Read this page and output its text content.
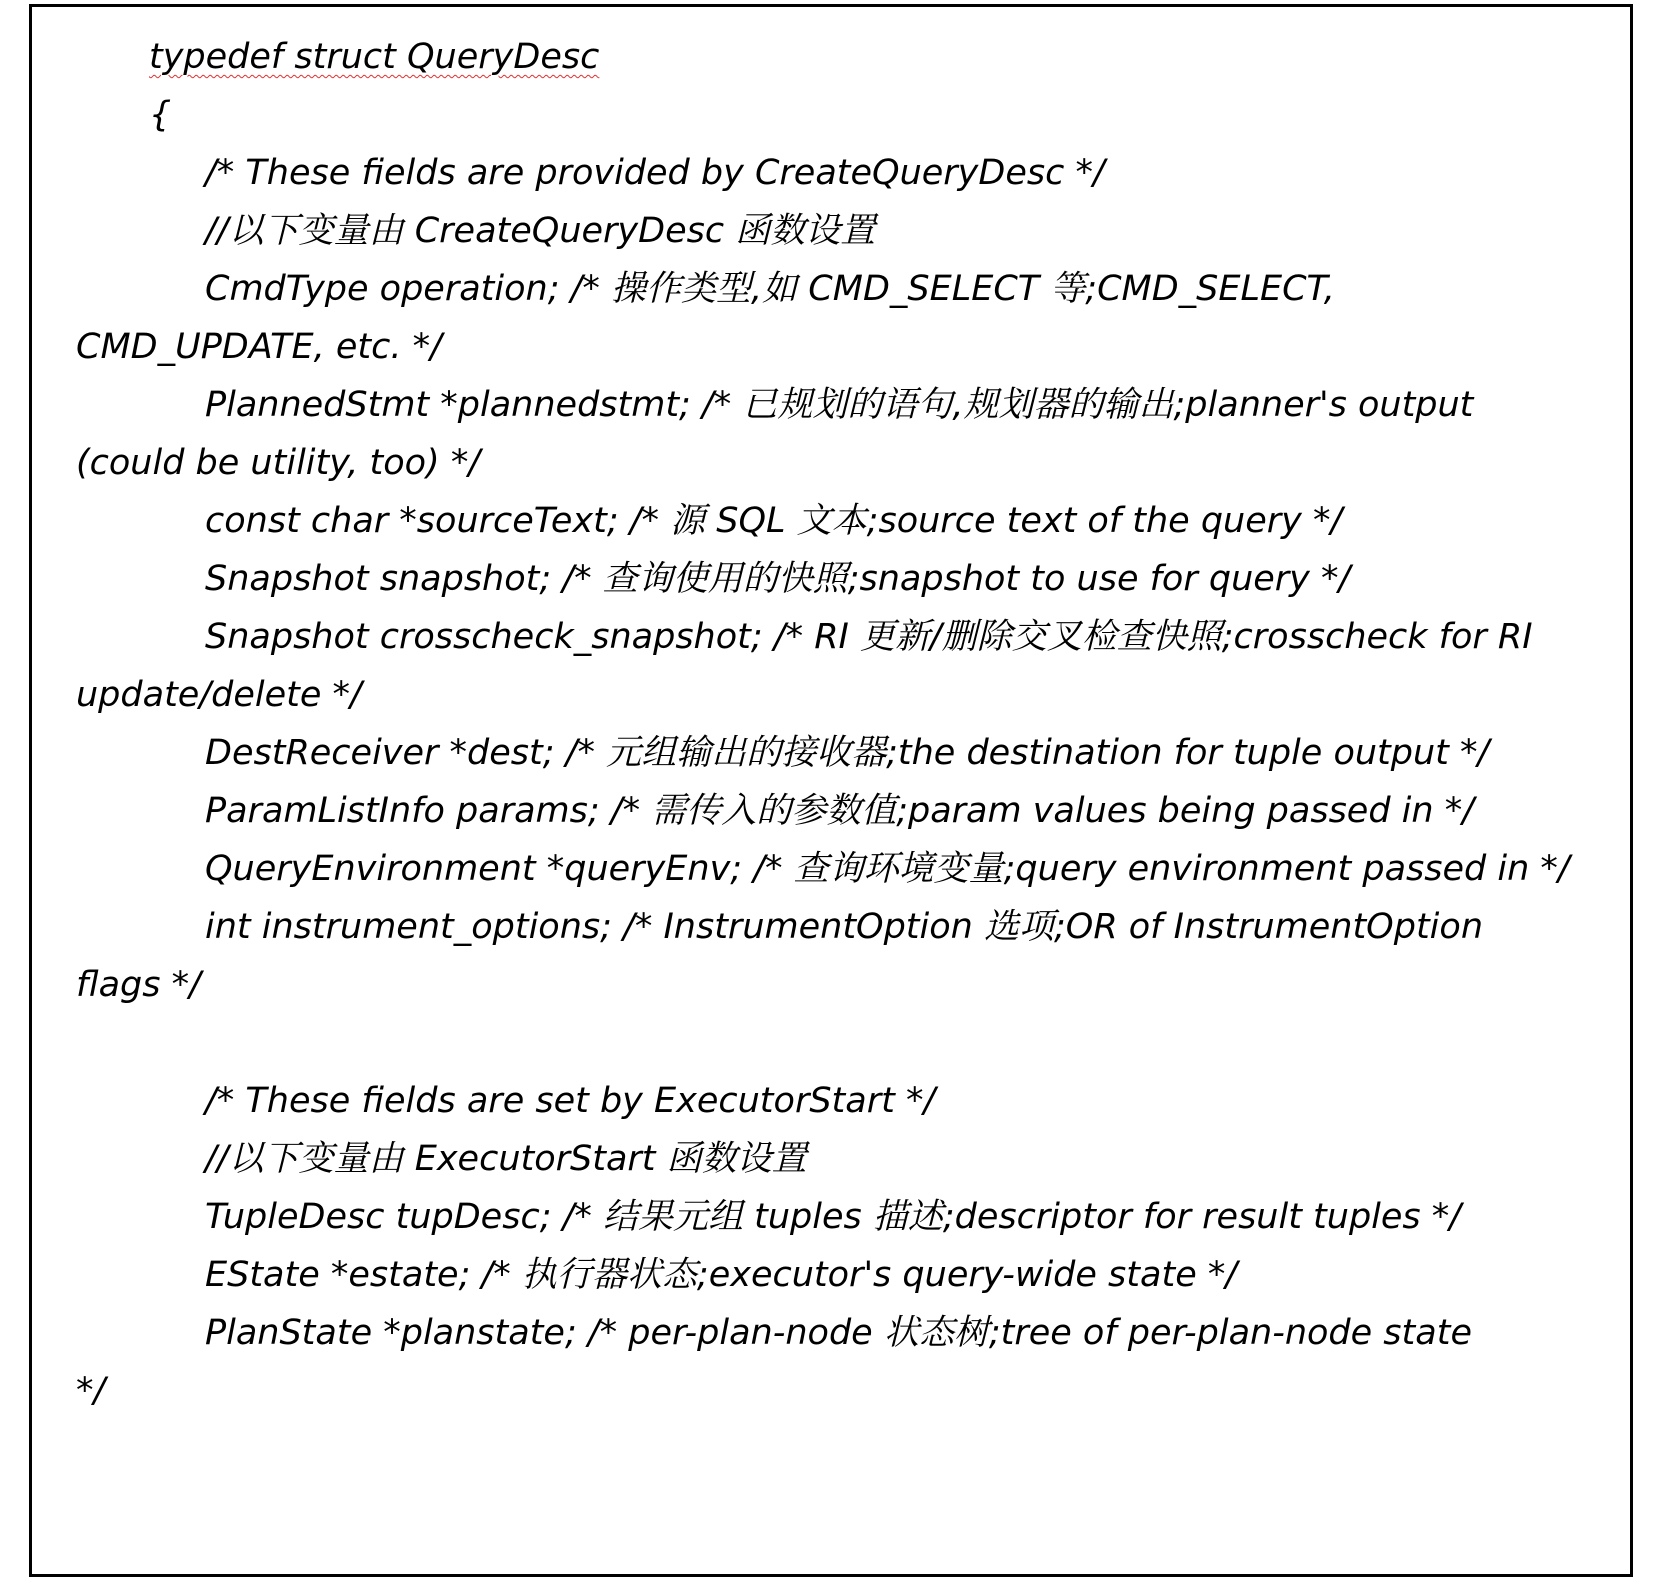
typedef struct QueryDesc
{
/* These fields are provided by CreateQueryDesc */
//以下变量由 CreateQueryDesc 函数设置
CmdType operation; /* 操作类型,如 CMD_SELECT 等;CMD_SELECT,
CMD_UPDATE, etc. */
PlannedStmt *plannedstmt; /* 已规划的语句,规划器的输出;planner's output
(could be utility, too) */
const char *sourceText; /* 源 SQL 文本;source text of the query */
Snapshot snapshot; /* 查询使用的快照;snapshot to use for query */
Snapshot crosscheck_snapshot; /* RI 更新/删除交叉检查快照;crosscheck for RI
update/delete */
DestReceiver *dest; /* 元组输出的接收器;the destination for tuple output */
ParamListInfo params; /* 需传入的参数值;param values being passed in */
QueryEnvironment *queryEnv; /* 查询环境变量;query environment passed in */
int instrument_options; /* InstrumentOption 选项;OR of InstrumentOption
flags */
/* These fields are set by ExecutorStart */
//以下变量由 ExecutorStart 函数设置
TupleDesc tupDesc; /* 结果元组 tuples 描述;descriptor for result tuples */
EState *estate; /* 执行器状态;executor's query-wide state */
PlanState *planstate; /* per-plan-node 状态树;tree of per-plan-node state
*/
